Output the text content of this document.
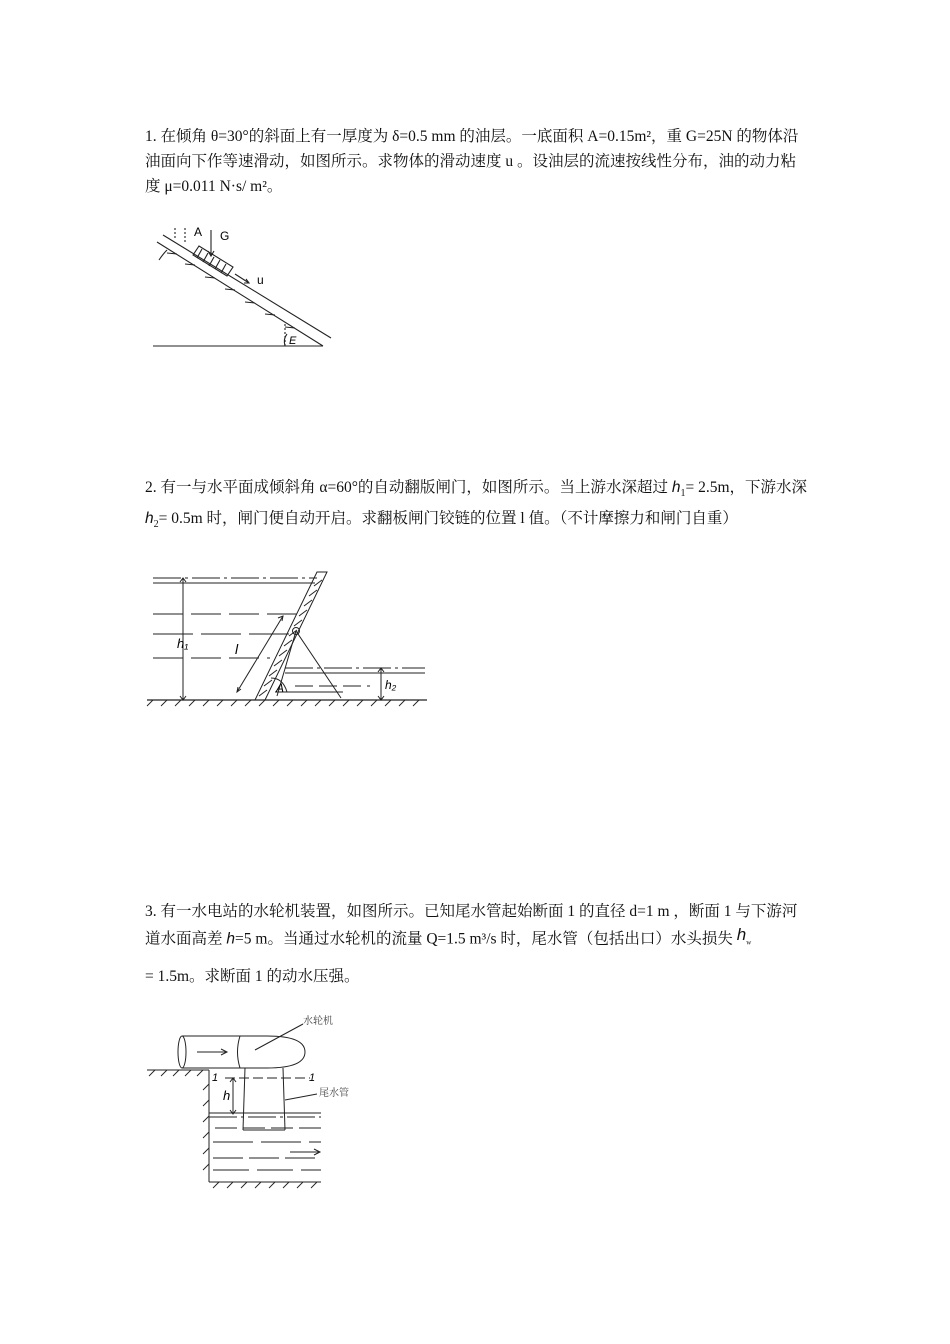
1. 在倾角 θ=30°的斜面上有一厚度为 δ=0.5 mm 的油层。一底面积 A=0.15m²，重 G=25N 的物体沿油面向下作等速滑动，如图所示。求物体的滑动速度 u 。设油层的流速按线性分布，油的动力粘度 μ=0.011 N·s/ m²。

A G
u
E

2. 有一与水平面成倾斜角 α=60°的自动翻版闸门，如图所示。当上游水深超过 $h_1= 2.5m$，下游水深 $h_2= 0.5m$ 时，闸门便自动开启。求翻板闸门铰链的位置 l 值。（不计摩擦力和闸门自重）

h₁	l
h₂
A

3. 有一水电站的水轮机装置，如图所示。已知尾水管起始断面 1 的直径 d=1 m ，断面 1 与下游河道水面高差 h=5 m。当通过水轮机的流量 Q=1.5 m³/s 时，尾水管（包括出口）水头损失 $h_w$

= 1.5m。求断面 1 的动水压强。

水轮机
1	1
尾水管
h
